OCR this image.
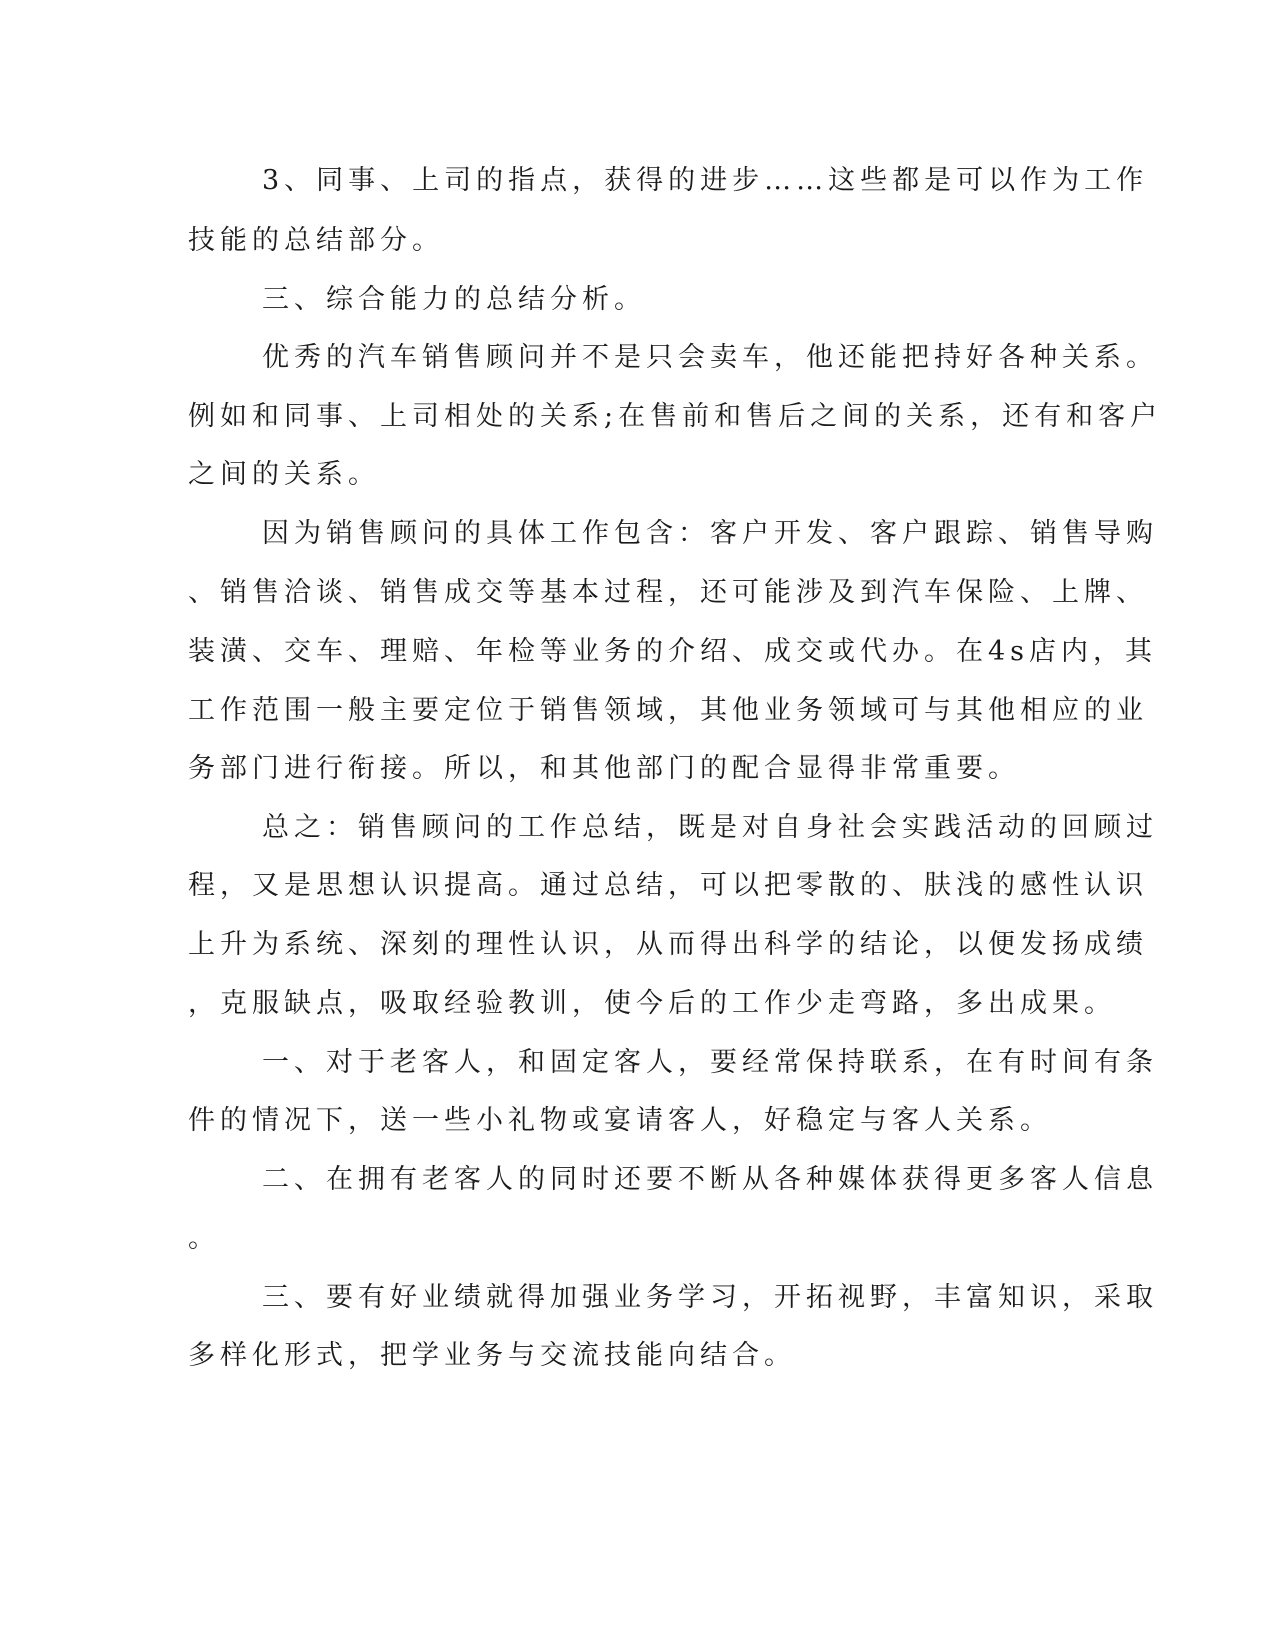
3、同事、上司的指点，获得的进步……这些都是可以作为工作

技能的总结部分。

三、综合能力的总结分析。

优秀的汽车销售顾问并不是只会卖车，他还能把持好各种关系。

例如和同事、上司相处的关系;在售前和售后之间的关系，还有和客户

之间的关系。

因为销售顾问的具体工作包含：客户开发、客户跟踪、销售导购

、销售洽谈、销售成交等基本过程，还可能涉及到汽车保险、上牌、

装潢、交车、理赔、年检等业务的介绍、成交或代办。在4s店内，其

工作范围一般主要定位于销售领域，其他业务领域可与其他相应的业

务部门进行衔接。所以，和其他部门的配合显得非常重要。

总之：销售顾问的工作总结，既是对自身社会实践活动的回顾过

程，又是思想认识提高。通过总结，可以把零散的、肤浅的感性认识

上升为系统、深刻的理性认识，从而得出科学的结论，以便发扬成绩

，克服缺点，吸取经验教训，使今后的工作少走弯路，多出成果。

一、对于老客人，和固定客人，要经常保持联系，在有时间有条

件的情况下，送一些小礼物或宴请客人，好稳定与客人关系。

二、在拥有老客人的同时还要不断从各种媒体获得更多客人信息

。

三、要有好业绩就得加强业务学习，开拓视野，丰富知识，采取

多样化形式，把学业务与交流技能向结合。
